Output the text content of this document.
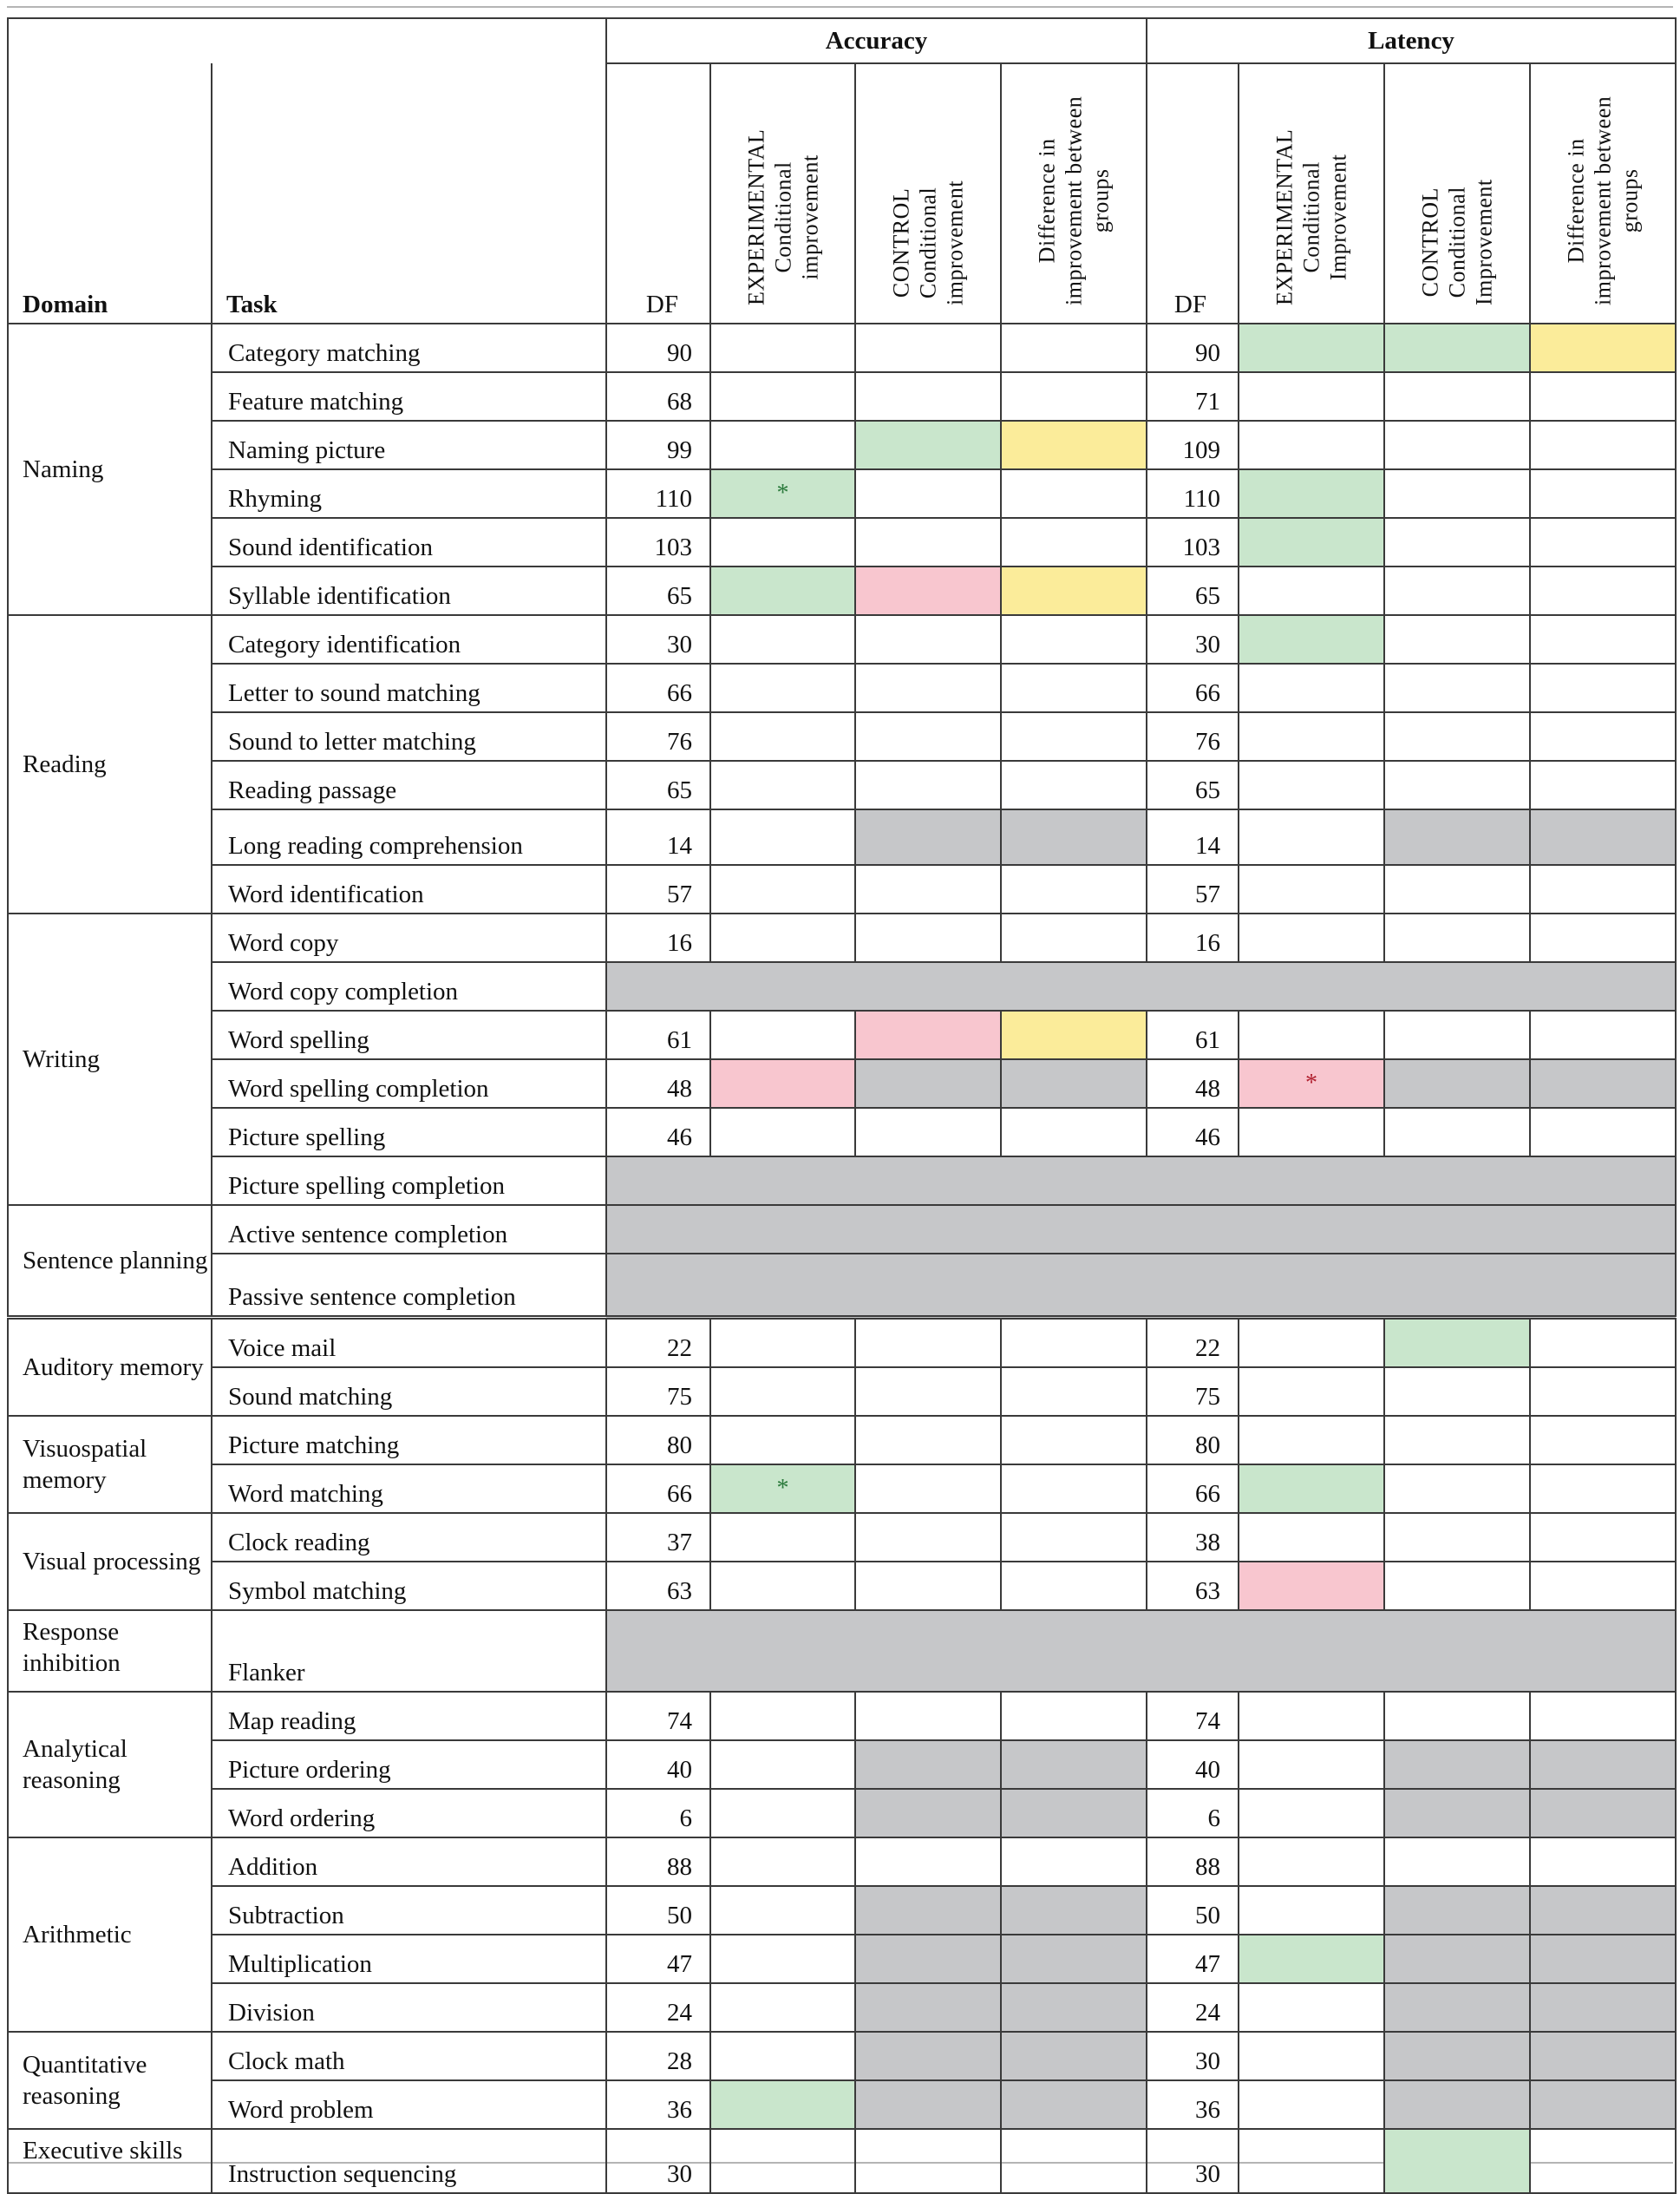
		Accuracy				Latency			
Domain	Task	DF	EXPERIMENTAL Conditional improvement	CONTROL Conditional improvement	Difference in improvement between groups	DF	EXPERIMENTAL Conditional Improvement	CONTROL Conditional Improvement	Difference in improvement between groups

Naming	Category matching	90				90			
	Feature matching	68				71			
	Naming picture	99				109			
	Rhyming	110	*			110			
	Sound identification	103				103			
	Syllable identification	65				65			
Reading	Category identification	30				30			
	Letter to sound matching	66				66			
	Sound to letter matching	76				76			
	Reading passage	65				65			
	Long reading comprehension	14				14			
	Word identification	57				57			
Writing	Word copy	16				16			
	Word copy completion								
	Word spelling	61				61			
	Word spelling completion	48				48	*		
	Picture spelling	46				46			
	Picture spelling completion								
Sentence planning	Active sentence completion								
	Passive sentence completion								
Auditory memory	Voice mail	22				22			
	Sound matching	75				75			
Visuospatial memory	Picture matching	80				80			
	Word matching	66	*			66			
Visual processing	Clock reading	37				38			
	Symbol matching	63				63			
Response inhibition	Flanker								
Analytical reasoning	Map reading	74				74			
	Picture ordering	40				40			
	Word ordering	6				6			
Arithmetic	Addition	88				88			
	Subtraction	50				50			
	Multiplication	47				47			
	Division	24				24			
Quantitative reasoning	Clock math	28				30			
	Word problem	36				36			
Executive skills	Instruction sequencing	30				30			
